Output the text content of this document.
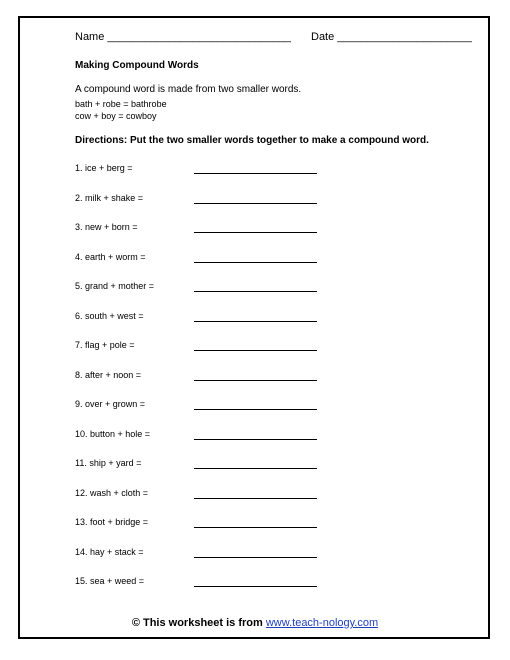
Name ______________________________ Date ______________________
Making Compound Words
A compound word is made from two smaller words.
bath + robe = bathrobe
cow + boy = cowboy
Directions: Put the two smaller words together to make a compound word.
1. ice + berg =
2. milk + shake =
3. new + born =
4. earth + worm =
5. grand + mother =
6. south + west =
7. flag + pole =
8. after + noon =
9. over + grown =
10. button + hole =
11. ship + yard =
12. wash + cloth =
13. foot + bridge =
14. hay + stack =
15. sea + weed =
© This worksheet is from www.teach-nology.com
